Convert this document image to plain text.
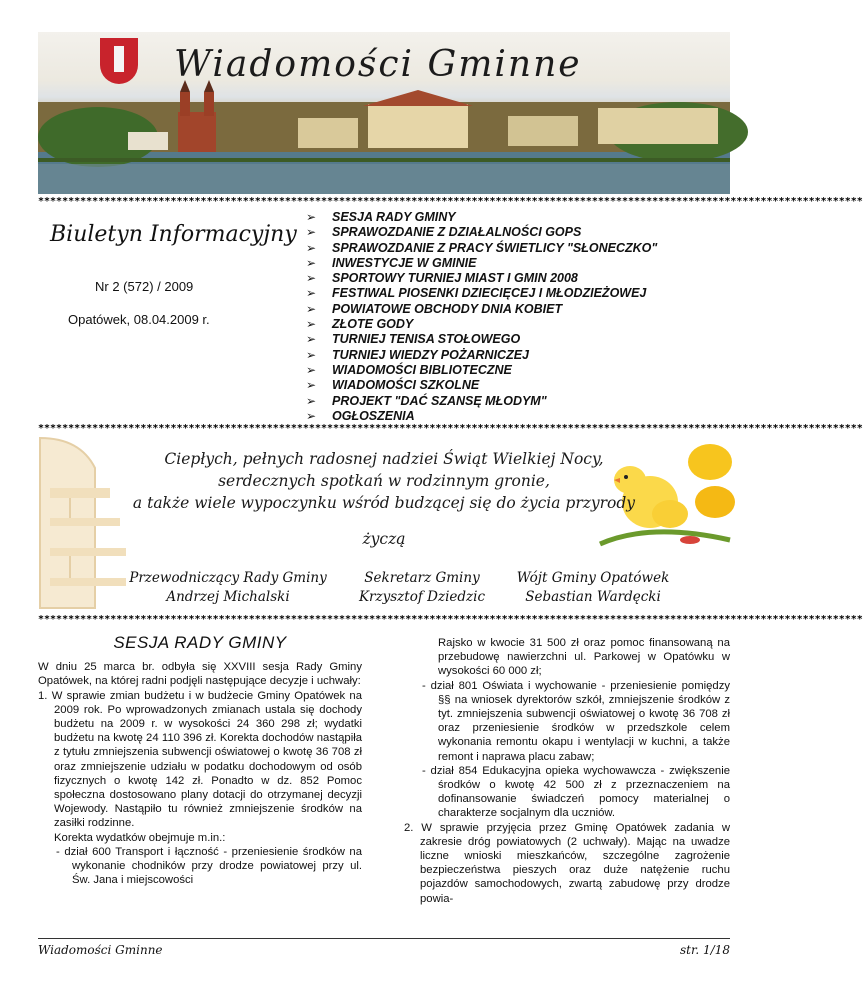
Wiadomości Gminne
*****************************************************************************************************************************************
Biuletyn Informacyjny
Nr 2 (572) / 2009
Opatówek, 08.04.2009 r.
➢ SESJA RADY GMINY
➢ SPRAWOZDANIE Z DZIAŁALNOŚCI GOPS
➢ SPRAWOZDANIE Z PRACY ŚWIETLICY "SŁONECZKO"
➢ INWESTYCJE W GMINIE
➢ SPORTOWY TURNIEJ MIAST I GMIN 2008
➢ FESTIWAL PIOSENKI DZIECIĘCEJ I MŁODZIEŻOWEJ
➢ POWIATOWE OBCHODY DNIA KOBIET
➢ ZŁOTE GODY
➢ TURNIEJ TENISA STOŁOWEGO
➢ TURNIEJ WIEDZY POŻARNICZEJ
➢ WIADOMOŚCI BIBLIOTECZNE
➢ WIADOMOŚCI SZKOLNE
➢ PROJEKT "DAĆ SZANSĘ MŁODYM"
➢ OGŁOSZENIA
*****************************************************************************************************************************************
Ciepłych, pełnych radosnej nadziei Świąt Wielkiej Nocy,
serdecznych spotkań w rodzinnym gronie,
a także wiele wypoczynku wśród budzącej się do życia przyrody
życzą
Przewodniczący Rady Gminy
Andrzej Michalski
Sekretarz Gminy
Krzysztof Dziedzic
Wójt Gminy Opatówek
Sebastian Wardęcki
*****************************************************************************************************************************************

SESJA RADY GMINY

W dniu 25 marca br. odbyła się XXVIII sesja Rady Gminy Opatówek, na której radni podjęli następujące decyzje i uchwały:

1. W sprawie zmian budżetu i w budżecie Gminy Opatówek na 2009 rok. Po wprowadzonych zmianach ustala się dochody budżetu na 2009 r. w wysokości 24 360 298 zł; wydatki budżetu na kwotę 24 110 396 zł. Korekta dochodów nastąpiła z tytułu zmniejszenia subwencji oświatowej o kwotę 36 708 zł oraz zmniejszenie udziału w podatku dochodowym od osób fizycznych o kwotę 142 zł. Ponadto w dz. 852 Pomoc społeczna dostosowano plany dotacji do otrzymanej decyzji Wojewody. Nastąpiło tu również zmniejszenie środków na zasiłki rodzinne.

Korekta wydatków obejmuje m.in.:

- dział 600 Transport i łączność - przeniesienie środków na wykonanie chodników przy drodze powiatowej przy ul. Św. Jana i miejscowości

Rajsko w kwocie 31 500 zł oraz pomoc finansowaną na przebudowę nawierzchni ul. Parkowej w Opatówku w wysokości 60 000 zł;

- dział 801 Oświata i wychowanie - przeniesienie pomiędzy §§ na wniosek dyrektorów szkół, zmniejszenie środków z tyt. zmniejszenia subwencji oświatowej o kwotę 36 708 zł oraz przeniesienie środków w przedszkole celem wykonania remontu okapu i wentylacji w kuchni, a także remont i naprawa placu zabaw;

- dział 854 Edukacyjna opieka wychowawcza - zwiększenie środków o kwotę 42 500 zł z przeznaczeniem na dofinansowanie świadczeń pomocy materialnej o charakterze socjalnym dla uczniów.

2. W sprawie przyjęcia przez Gminę Opatówek zadania w zakresie dróg powiatowych (2 uchwały). Mając na uwadze liczne wnioski mieszkańców, szczególne zagrożenie bezpieczeństwa pieszych oraz duże natężenie ruchu pojazdów samochodowych, zwartą zabudowę przy drodze powia-

Wiadomości Gminne	str. 1/18
